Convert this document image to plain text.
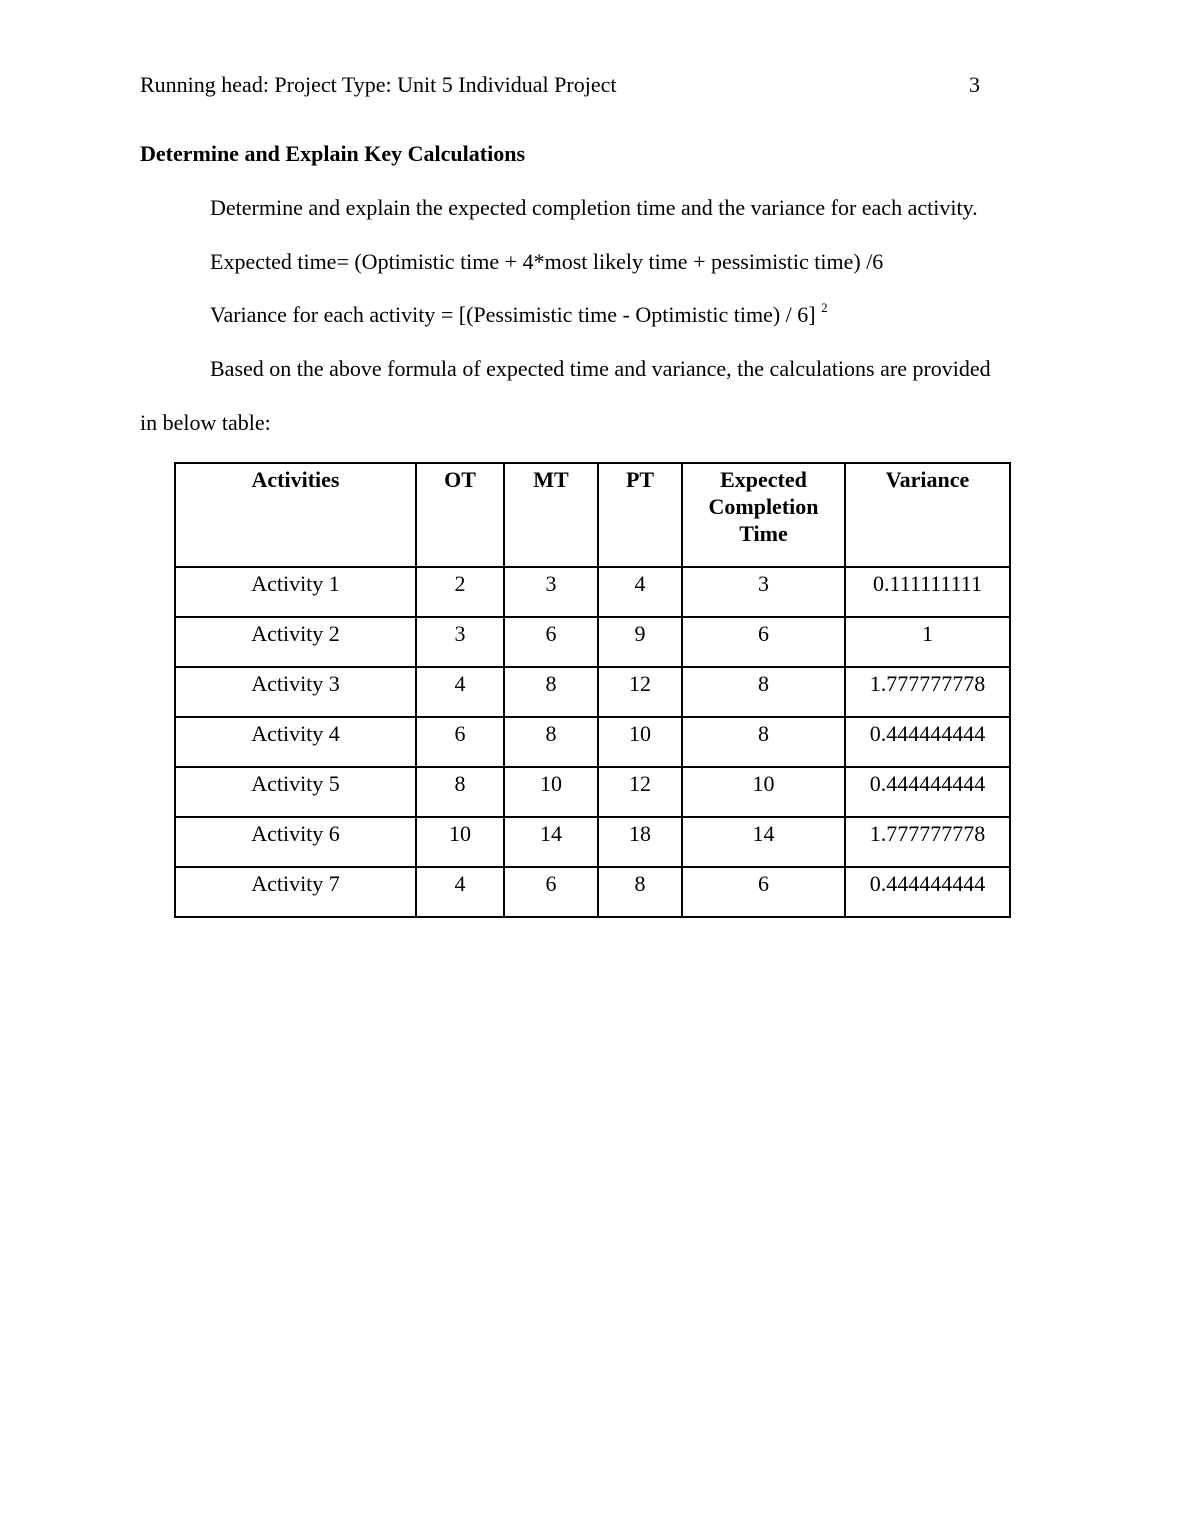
Running head: Project Type: Unit 5 Individual Project	3
Determine and Explain Key Calculations

Determine and explain the expected completion time and the variance for each activity.

Expected time= (Optimistic time + 4*most likely time + pessimistic time) /6

Variance for each activity = [(Pessimistic time - Optimistic time) / 6] $^2$

Based on the above formula of expected time and variance, the calculations are provided

in below table:

Activities	OT	MT	PT	Expected
Completion
Time	Variance
Activity 1	2	3	4	3	0.111111111
Activity 2	3	6	9	6	1
Activity 3	4	8	12	8	1.777777778
Activity 4	6	8	10	8	0.444444444
Activity 5	8	10	12	10	0.444444444
Activity 6	10	14	18	14	1.777777778
Activity 7	4	6	8	6	0.444444444
